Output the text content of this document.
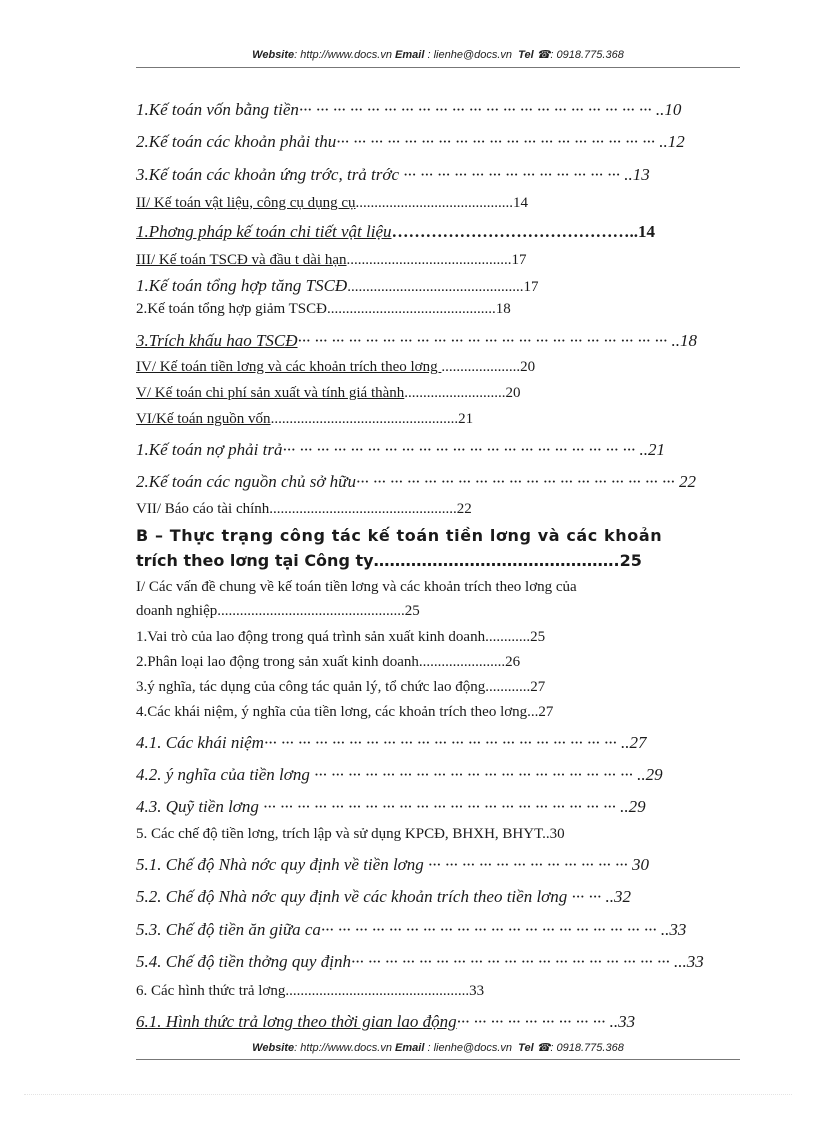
Website: http://www.docs.vn Email : lienhe@docs.vn Tel ☎: 0918.775.368
1.Kế toán vốn bằng tiền··· ··· ··· ··· ··· ··· ··· ··· ··· ··· ··· ··· ··· ··· ··· ··· ··· ··· ··· ··· ··· ..10
2.Kế toán các khoản phải thu··· ··· ··· ··· ··· ··· ··· ··· ··· ··· ··· ··· ··· ··· ··· ··· ··· ··· ··· ..12
3.Kế toán các khoản ứng trớc, trả trớc ··· ··· ··· ··· ··· ··· ··· ··· ··· ··· ··· ··· ··· ..13
II/ Kế toán vật liệu, công cụ dụng cụ..........................................14
1.Phơng pháp kế toán chi tiết vật liệu……………………………………..14
III/ Kế toán TSCĐ và đầu t dài hạn............................................17
1.Kế toán tổng hợp tăng TSCĐ...............................................17
2.Kế toán tổng hợp giảm TSCĐ.............................................18
3.Trích khấu hao TSCĐ··· ··· ··· ··· ··· ··· ··· ··· ··· ··· ··· ··· ··· ··· ··· ··· ··· ··· ··· ··· ··· ··· ..18
IV/ Kế toán tiền lơng và các khoản trích theo lơng .....................20
V/ Kế toán chi phí sản xuất và tính giá thành...........................20
VI/Kế toán nguồn vốn..................................................21
1.Kế toán nợ phải trả··· ··· ··· ··· ··· ··· ··· ··· ··· ··· ··· ··· ··· ··· ··· ··· ··· ··· ··· ··· ··· ..21
2.Kế toán các nguồn chủ sở hữu··· ··· ··· ··· ··· ··· ··· ··· ··· ··· ··· ··· ··· ··· ··· ··· ··· ··· ··· 22
VII/ Báo cáo tài chính..................................................22
B – Thực trạng công tác kế toán tiền lơng và các khoản
trích theo lơng tại Công ty……………………………………….25
I/ Các vấn đề chung về kế toán tiền lơng và các khoản trích theo lơng của
doanh nghiệp..................................................25
1.Vai trò của lao động trong quá trình sản xuất kinh doanh............25
2.Phân loại lao động trong sản xuất kinh doanh.......................26
3.ý nghĩa, tác dụng của công tác quản lý, tổ chức lao động............27
4.Các khái niệm, ý nghĩa của tiền lơng, các khoản trích theo lơng...27
4.1. Các khái niệm··· ··· ··· ··· ··· ··· ··· ··· ··· ··· ··· ··· ··· ··· ··· ··· ··· ··· ··· ··· ··· ..27
4.2. ý nghĩa của tiền lơng ··· ··· ··· ··· ··· ··· ··· ··· ··· ··· ··· ··· ··· ··· ··· ··· ··· ··· ··· ..29
4.3. Quỹ tiền lơng ··· ··· ··· ··· ··· ··· ··· ··· ··· ··· ··· ··· ··· ··· ··· ··· ··· ··· ··· ··· ··· ..29
5. Các chế độ tiền lơng, trích lập và sử dụng KPCĐ, BHXH, BHYT..30
5.1. Chế độ Nhà nớc quy định về tiền lơng ··· ··· ··· ··· ··· ··· ··· ··· ··· ··· ··· ··· 30
5.2. Chế độ Nhà nớc quy định về các khoản trích theo tiền lơng ··· ··· ..32
5.3. Chế độ tiền ăn giữa ca··· ··· ··· ··· ··· ··· ··· ··· ··· ··· ··· ··· ··· ··· ··· ··· ··· ··· ··· ··· ..33
5.4. Chế độ tiền thởng quy định··· ··· ··· ··· ··· ··· ··· ··· ··· ··· ··· ··· ··· ··· ··· ··· ··· ··· ··· ...33
6. Các hình thức trả lơng.................................................33
6.1. Hình thức trả lơng theo thời gian lao động··· ··· ··· ··· ··· ··· ··· ··· ··· ..33
Website: http://www.docs.vn Email : lienhe@docs.vn Tel ☎: 0918.775.368
